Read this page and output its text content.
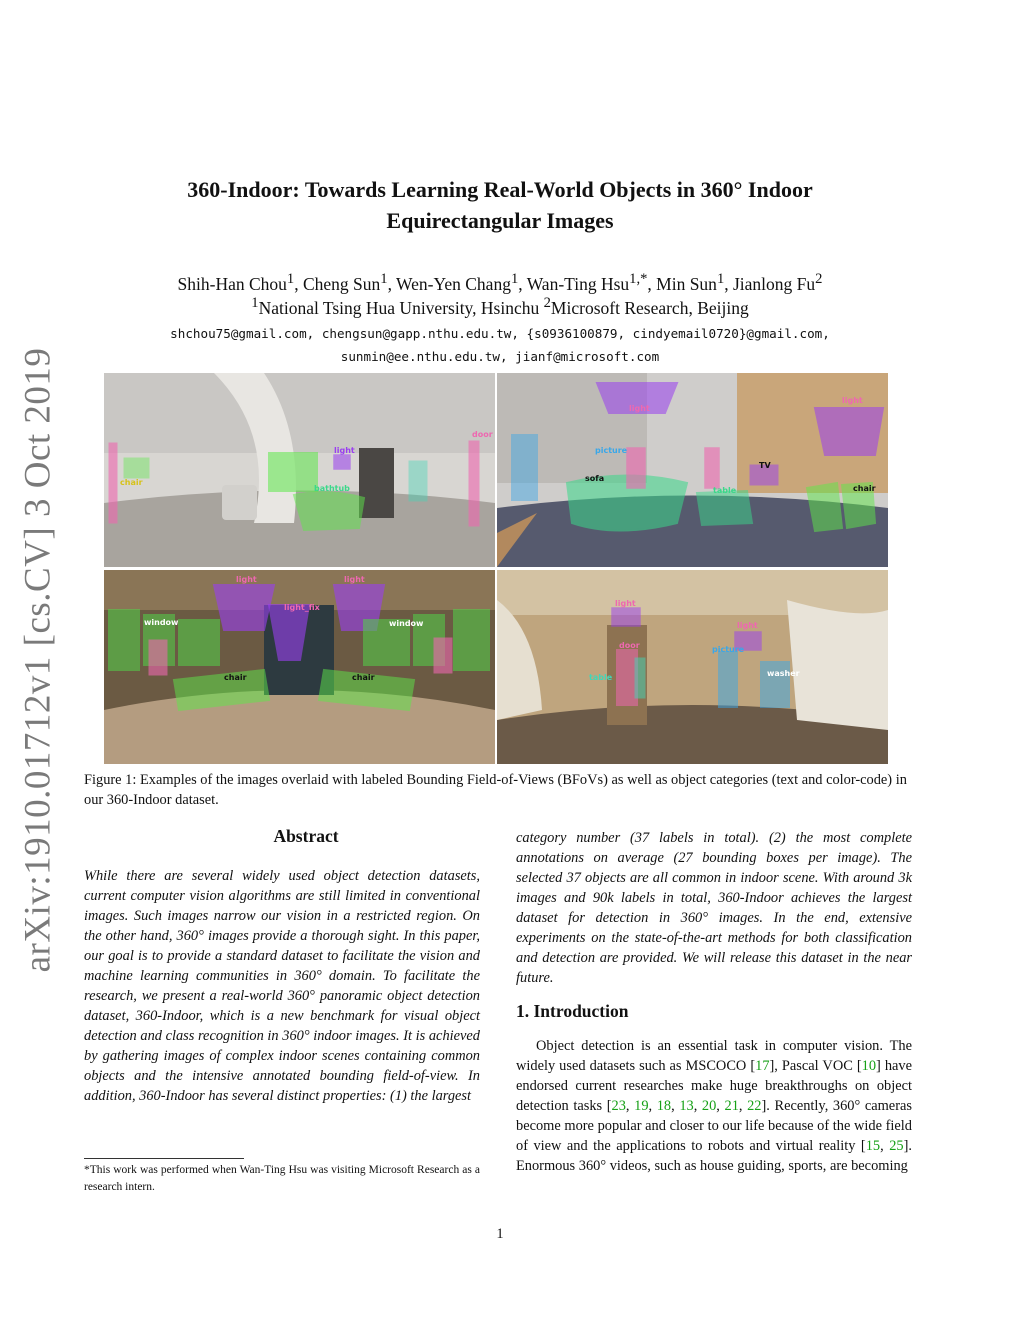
arXiv:1910.01712v1 [cs.CV] 3 Oct 2019
360-Indoor: Towards Learning Real-World Objects in 360° Indoor
Equirectangular Images
Shih-Han Chou$^1$, Cheng Sun$^1$, Wen-Yen Chang$^1$, Wan-Ting Hsu$^{1,*}$, Min Sun$^1$, Jianlong Fu$^2$
$^1$National Tsing Hua University, Hsinchu $^2$Microsoft Research, Beijing
shchou75@gmail.com, chengsun@gapp.nthu.edu.tw, {s0936100879, cindyemail0720}@gmail.com,
sunmin@ee.nthu.edu.tw, jianf@microsoft.com
light
bathtub
chair
door
light
light
sofa
picture
TV
table	chair
light	light
light_fix
window	window
chair	chair
light
light
door	picture
table	washer
Figure 1: Examples of the images overlaid with labeled Bounding Field-of-Views (BFoVs) as well as object categories (text and color-code) in our 360-Indoor dataset.
Abstract
While there are several widely used object detection datasets, current computer vision algorithms are still limited in conventional images. Such images narrow our vision in a restricted region. On the other hand, 360° images provide a thorough sight. In this paper, our goal is to provide a standard dataset to facilitate the vision and machine learning communities in 360° domain. To facilitate the research, we present a real-world 360° panoramic object detection dataset, 360-Indoor, which is a new benchmark for visual object detection and class recognition in 360° indoor images. It is achieved by gathering images of complex indoor scenes containing common objects and the intensive annotated bounding field-of-view. In addition, 360-Indoor has several distinct properties: (1) the largest
category number (37 labels in total). (2) the most complete annotations on average (27 bounding boxes per image). The selected 37 objects are all common in indoor scene. With around 3k images and 90k labels in total, 360-Indoor achieves the largest dataset for detection in 360° images. In the end, extensive experiments on the state-of-the-art methods for both classification and detection are provided. We will release this dataset in the near future.
*This work was performed when Wan-Ting Hsu was visiting Microsoft Research as a research intern.
1. Introduction
Object detection is an essential task in computer vision. The widely used datasets such as MSCOCO [17], Pascal VOC [10] have endorsed current researches make huge breakthroughs on object detection tasks [23, 19, 18, 13, 20, 21, 22]. Recently, 360° cameras become more popular and closer to our life because of the wide field of view and the applications to robots and virtual reality [15, 25]. Enormous 360° videos, such as house guiding, sports, are becoming
1
